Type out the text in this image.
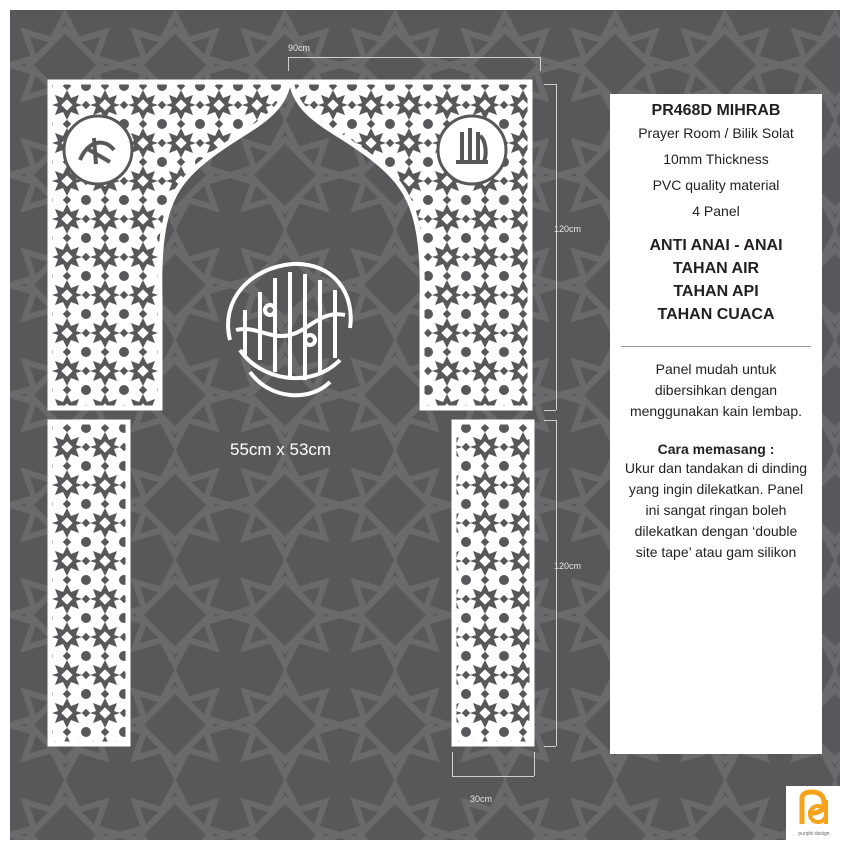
90cm
120cm
120cm
30cm
55cm x 53cm
PR468D MIHRAB
Prayer Room / Bilik Solat
10mm Thickness
PVC quality material
4 Panel
ANTI ANAI - ANAI
TAHAN AIR
TAHAN API
TAHAN CUACA
Panel mudah untuk dibersihkan dengan menggunakan kain lembap.
Cara memasang :
Ukur dan tandakan di dinding yang ingin dilekatkan. Panel ini sangat ringan boleh dilekatkan dengan ‘double site tape’ atau gam silikon
puriphi design
